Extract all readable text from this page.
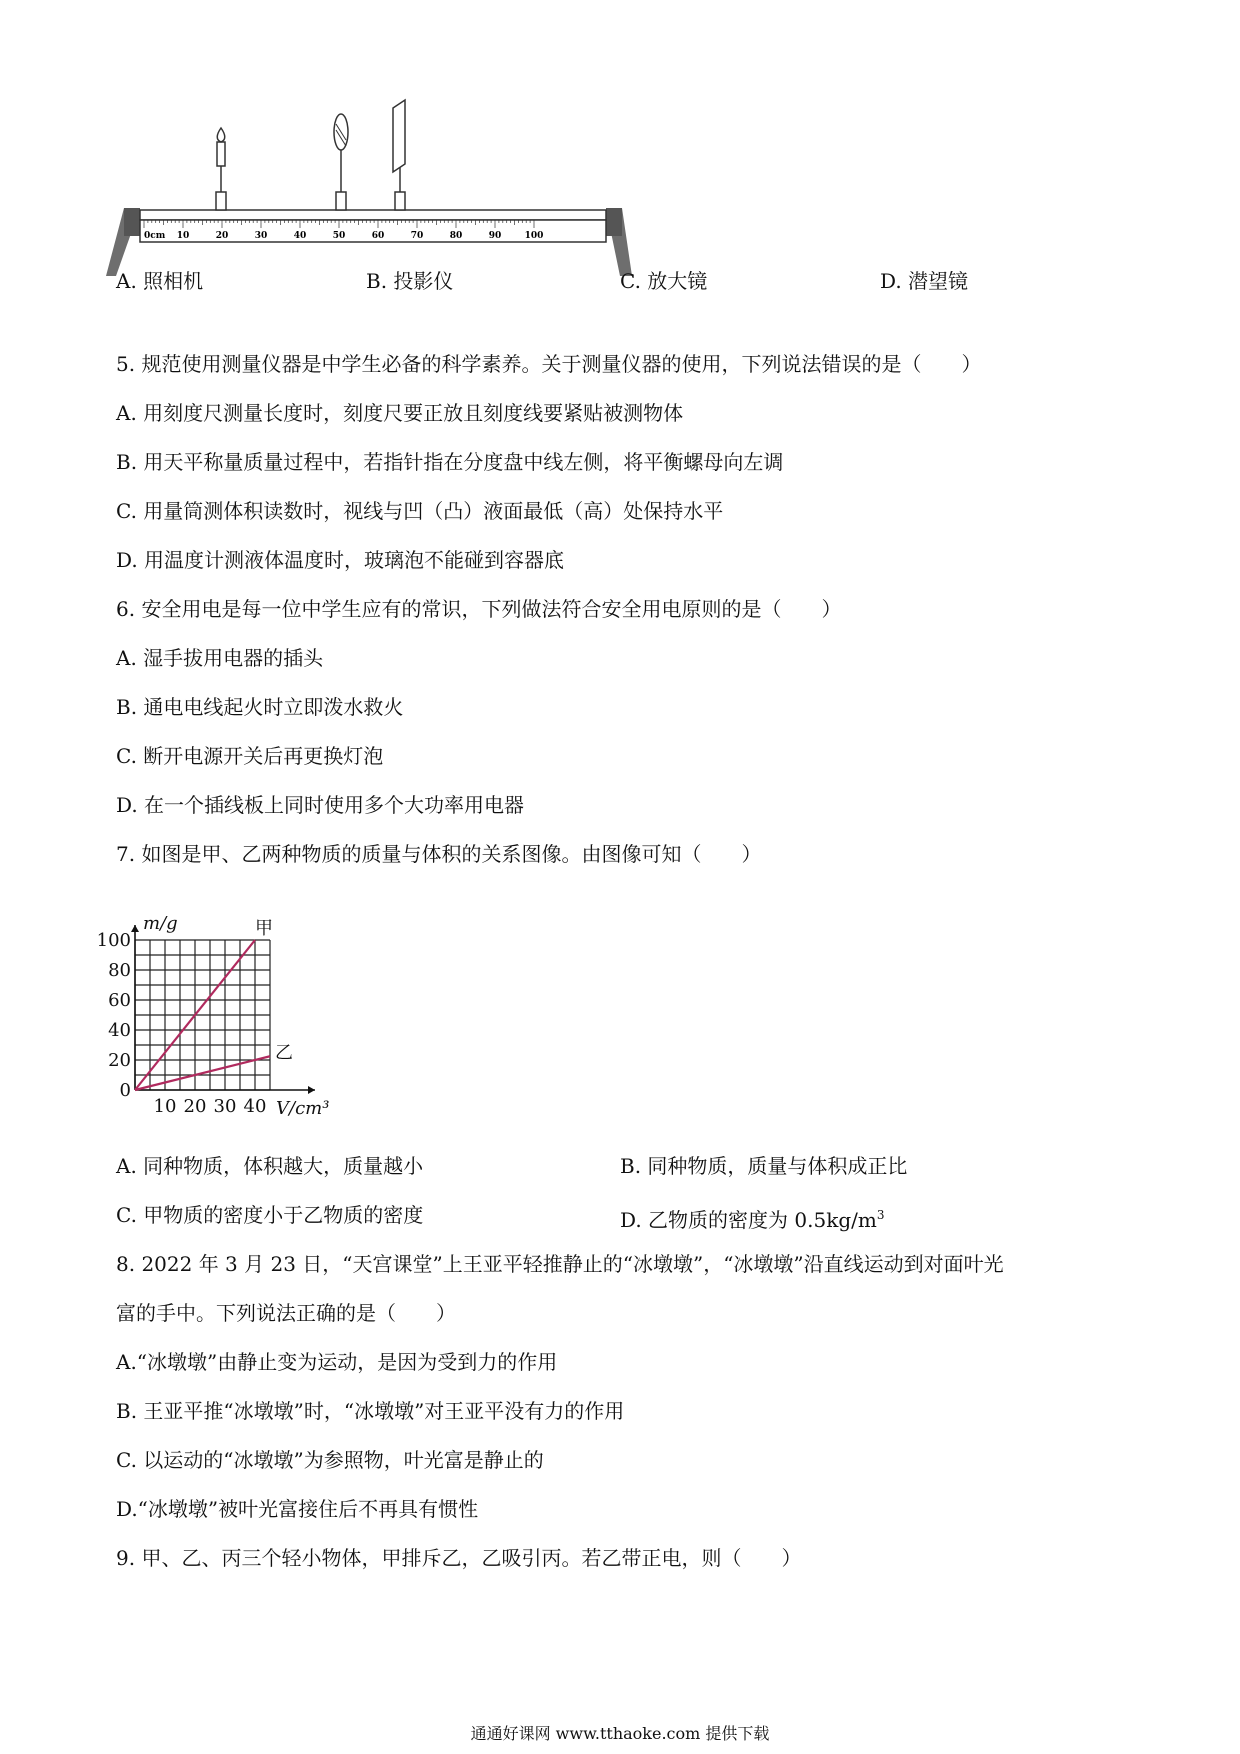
0cm 10	20	30	40	50	60	70	80	90	100
A. 照相机	B. 投影仪	C. 放大镜	D. 潜望镜
5. 规范使用测量仪器是中学生必备的科学素养。关于测量仪器的使用，下列说法错误的是（　　）
A. 用刻度尺测量长度时，刻度尺要正放且刻度线要紧贴被测物体
B. 用天平称量质量过程中，若指针指在分度盘中线左侧，将平衡螺母向左调
C. 用量筒测体积读数时，视线与凹（凸）液面最低（高）处保持水平
D. 用温度计测液体温度时，玻璃泡不能碰到容器底
6. 安全用电是每一位中学生应有的常识，下列做法符合安全用电原则的是（　　）
A. 湿手拔用电器的插头
B. 通电电线起火时立即泼水救火
C. 断开电源开关后再更换灯泡
D. 在一个插线板上同时使用多个大功率用电器
7. 如图是甲、乙两种物质的质量与体积的关系图像。由图像可知（　　）
0
20
40
60
80
100
10 20 30 40
m/g
V/cm³
甲
乙
A. 同种物质，体积越大，质量越小	B. 同种物质，质量与体积成正比
C. 甲物质的密度小于乙物质的密度	D. 乙物质的密度为 $0.5kg/m^3$
8. 2022 年 3 月 23 日，“天宫课堂”上王亚平轻推静止的“冰墩墩”，“冰墩墩”沿直线运动到对面叶光
富的手中。下列说法正确的是（　　）
A.“冰墩墩”由静止变为运动，是因为受到力的作用
B. 王亚平推“冰墩墩”时，“冰墩墩”对王亚平没有力的作用
C. 以运动的“冰墩墩”为参照物，叶光富是静止的
D.“冰墩墩”被叶光富接住后不再具有惯性
9. 甲、乙、丙三个轻小物体，甲排斥乙，乙吸引丙。若乙带正电，则（　　）
通通好课网 www.tthaoke.com 提供下载
